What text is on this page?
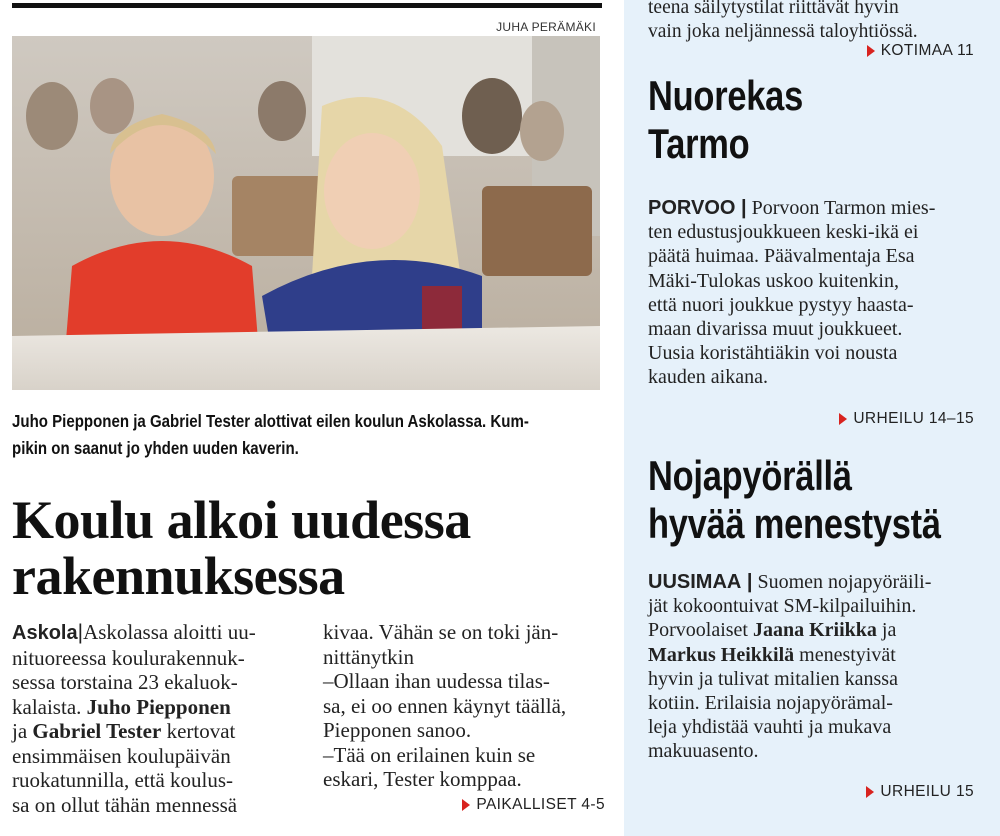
JUHA PERÄMÄKI
Juho Piepponen ja Gabriel Tester alottivat eilen koulun Askolassa. Kum-
pikin on saanut jo yhden uuden kaverin.
Koulu alkoi uudessa
rakennuksessa
Askola|Askolassa aloitti uu-
nituoreessa koulurakennuk-
sessa torstaina 23 ekaluok-
kalaista. Juho Piepponen
ja Gabriel Tester kertovat
ensimmäisen koulupäivän
ruokatunnilla, että koulus-
sa on ollut tähän mennessä
kivaa. Vähän se on toki jän-
nittänytkin
–Ollaan ihan uudessa tilas-
sa, ei oo ennen käynyt täällä,
Piepponen sanoo.
–Tää on erilainen kuin se
eskari, Tester komppaa.
PAIKALLISET 4-5
teena säilytystilat riittävät hyvin
vain joka neljännessä taloyhtiössä.
KOTIMAA 11
Nuorekas
Tarmo
PORVOO | Porvoon Tarmon mies-
ten edustusjoukkueen keski-ikä ei
päätä huimaa. Päävalmentaja Esa
Mäki-Tulokas uskoo kuitenkin,
että nuori joukkue pystyy haasta-
maan divarissa muut joukkueet.
Uusia koristähtiäkin voi nousta
kauden aikana.
URHEILU 14–15
Nojapyörällä
hyvää menestystä
UUSIMAA | Suomen nojapyöräili-
jät kokoontuivat SM-kilpailuihin.
Porvoolaiset Jaana Kriikka ja
Markus Heikkilä menestyivät
hyvin ja tulivat mitalien kanssa
kotiin. Erilaisia nojapyörämal-
leja yhdistää vauhti ja mukava
makuuasento.
URHEILU 15
